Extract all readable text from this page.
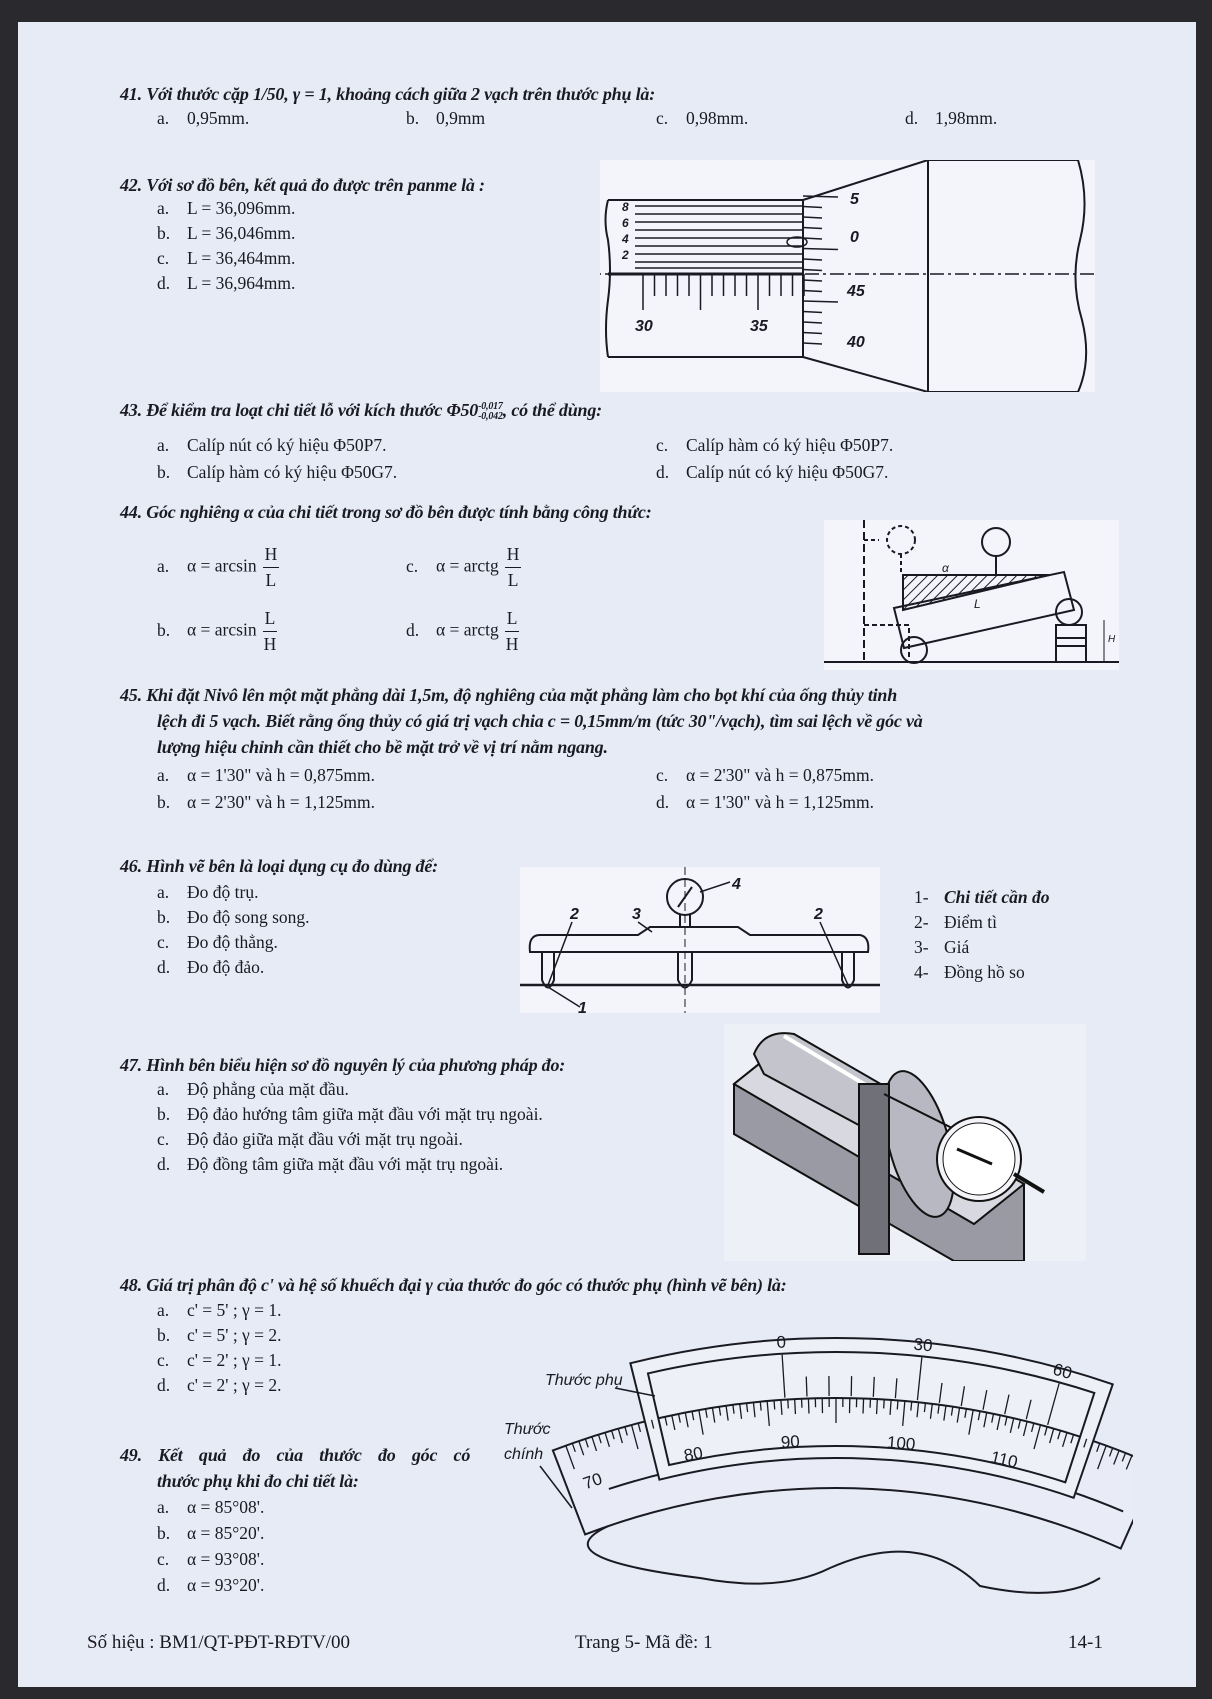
41. Với thước cặp 1/50, γ = 1, khoảng cách giữa 2 vạch trên thước phụ là:
a. 0,95mm.	b. 0,9mm	c. 0,98mm.	d. 1,98mm.
42. Với sơ đồ bên, kết quả đo được trên panme là :
a. L = 36,096mm.
b. L = 36,046mm.
c. L = 36,464mm.
d. L = 36,964mm.
8
6
4
2
30	35
5
0
45
40
43. Để kiểm tra loạt chi tiết lỗ với kích thước Φ50 -0,017
-0,042 , có thể dùng:
a. Calíp nút có ký hiệu Φ50P7.
b. Calíp hàm có ký hiệu Φ50G7.
c. Calíp hàm có ký hiệu Φ50P7.
d. Calíp nút có ký hiệu Φ50G7.
44. Góc nghiêng α của chi tiết trong sơ đồ bên được tính bằng công thức:
a. $\alpha = \arcsin \frac{H}{L}$	c. α = arctg $\frac{H}{L}$
b. $\alpha = \arcsin \frac{L}{H}$	d. α = arctg $\frac{L}{H}$
α
L
H
45. Khi đặt Nivô lên một mặt phẳng dài 1,5m, độ nghiêng của mặt phẳng làm cho bọt khí của ống thủy tinh
lệch đi 5 vạch. Biết rằng ống thủy có giá trị vạch chia c = 0,15mm/m (tức 30"/vạch), tìm sai lệch về góc và
lượng hiệu chỉnh cần thiết cho bề mặt trở về vị trí nằm ngang.
a. α = 1'30" và h = 0,875mm.
b. α = 2'30" và h = 1,125mm.
c. α = 2'30" và h = 0,875mm.
d. α = 1'30" và h = 1,125mm.
46. Hình vẽ bên là loại dụng cụ đo dùng để:
a. Đo độ trụ.
b. Đo độ song song.
c. Đo độ thẳng.
d. Đo độ đảo.
1
2	2
3
4
1- Chi tiết cần đo
2- Điểm tì
3- Giá
4- Đồng hồ so
47. Hình bên biểu hiện sơ đồ nguyên lý của phương pháp đo:
a. Độ phẳng của mặt đầu.
b. Độ đảo hướng tâm giữa mặt đầu với mặt trụ ngoài.
c. Độ đảo giữa mặt đầu với mặt trụ ngoài.
d. Độ đồng tâm giữa mặt đầu với mặt trụ ngoài.
48. Giá trị phân độ c' và hệ số khuếch đại γ của thước đo góc có thước phụ (hình vẽ bên) là:
a. c' = 5' ; γ = 1.
b. c' = 5' ; γ = 2.
c. c' = 2' ; γ = 1.
d. c' = 2' ; γ = 2.
49. Kết quả đo của thước đo góc có
thước phụ khi đo chi tiết là:
a. α = 85°08'.
b. α = 85°20'.
c. α = 93°08'.
d. α = 93°20'.
Thước phụ
Thước
chính
70
80
90	100
110
0	30
60
Số hiệu : BM1/QT-PĐT-RĐTV/00	Trang 5- Mã đề: 1	14-1
